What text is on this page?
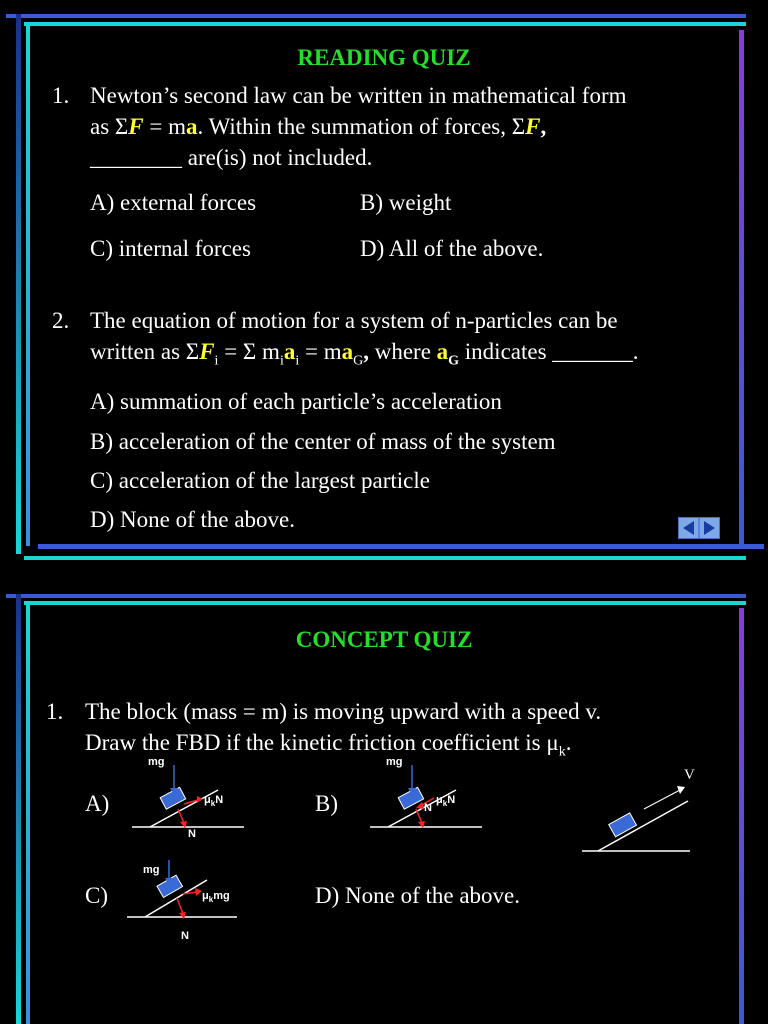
READING QUIZ
1. Newton’s second law can be written in mathematical form
as ΣF = ma. Within the summation of forces, ΣF,
________ are(is) not included.
A) external forces	B) weight
C) internal forces	D) All of the above.
2. The equation of motion for a system of n-particles can be
written as $\Sigma F_i = \Sigma$ $m_ia_i = ma_G$, where $a_G$ indicates _______.
A) summation of each particle’s acceleration
B) acceleration of the center of mass of the system
C) acceleration of the largest particle
D) None of the above.
CONCEPT QUIZ
1. The block (mass = m) is moving upward with a speed v.
Draw the FBD if the kinetic friction coefficient is $\mu_k$.
A)	B)
C)	D) None of the above.
mg
$\mu_kN$
N
mg
$\mu_kN$
N
mg
$\mu_kmg$
N
V
